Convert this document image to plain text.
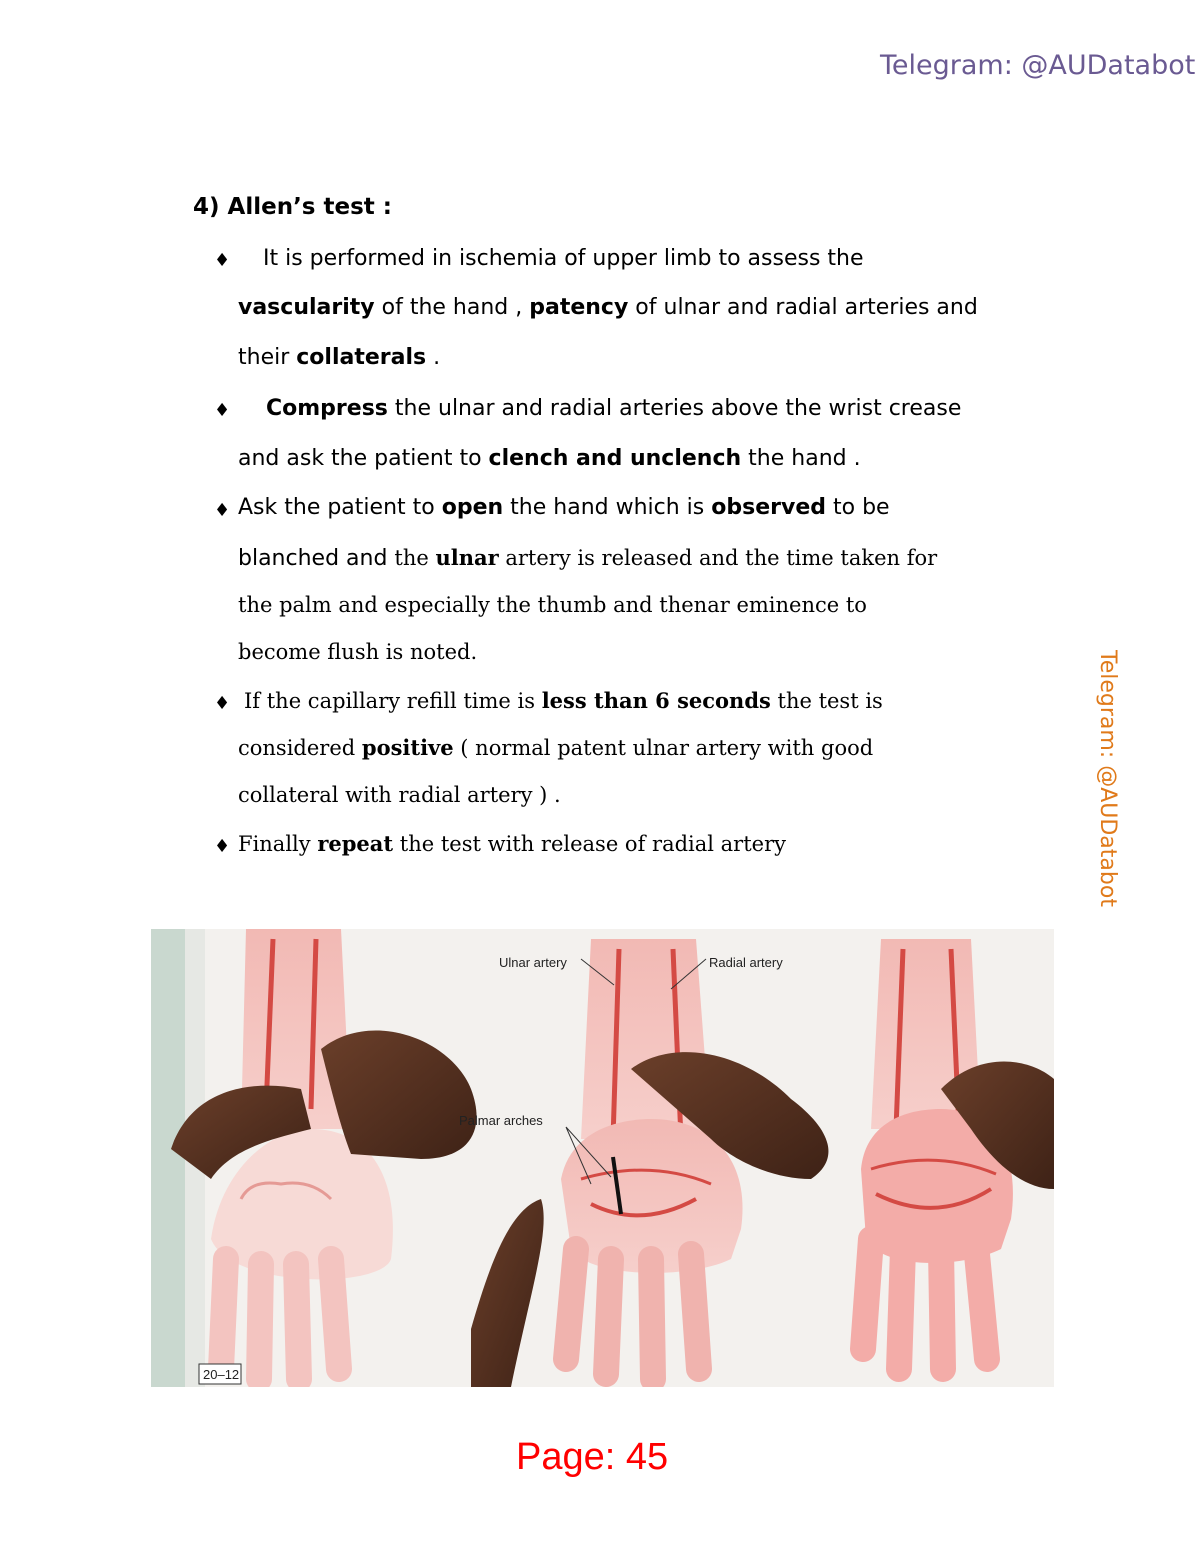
Telegram: @AUDatabot
Telegram: @AUDatabot
4) Allen’s test :
♦ It is performed in ischemia of upper limb to assess the
vascularity of the hand , patency of ulnar and radial arteries and
their collaterals .
♦ Compress the ulnar and radial arteries above the wrist crease
and ask the patient to clench and unclench the hand .
♦ Ask the patient to open the hand which is observed to be
blanched and the ulnar artery is released and the time taken for
the palm and especially the thumb and thenar eminence to
become flush is noted.
♦ If the capillary refill time is less than 6 seconds the test is
considered positive ( normal patent ulnar artery with good
collateral with radial artery ) .
♦ Finally repeat the test with release of radial artery
Ulnar artery	Radial artery
Palmar arches
20–12
Page: 45
